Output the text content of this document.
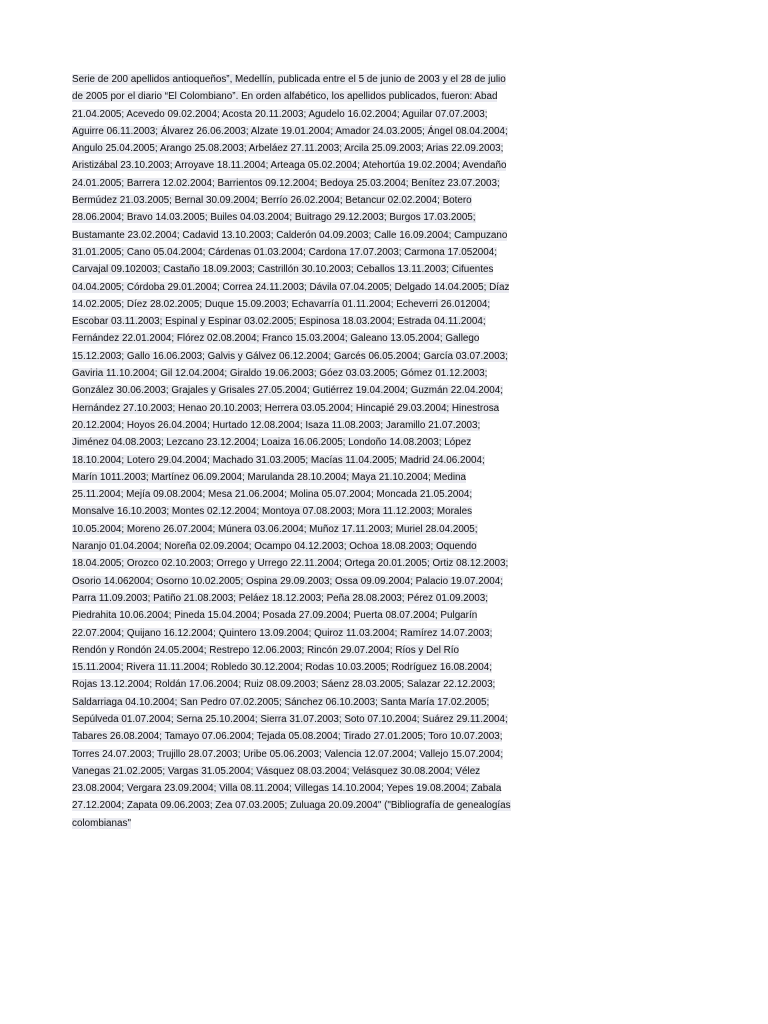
Serie de 200 apellidos antioqueños”, Medellín, publicada entre el 5 de junio de 2003 y el 28 de julio
de 2005 por el diario “El Colombiano”. En orden alfabético, los apellidos publicados, fueron: Abad
21.04.2005; Acevedo 09.02.2004; Acosta 20.11.2003; Agudelo 16.02.2004; Aguilar 07.07.2003;
Aguirre 06.11.2003; Álvarez 26.06.2003; Alzate 19.01.2004; Amador 24.03.2005; Ángel 08.04.2004;
Angulo 25.04.2005; Arango 25.08.2003; Arbeláez 27.11.2003; Arcila 25.09.2003; Arias 22.09.2003;
Aristizábal 23.10.2003; Arroyave 18.11.2004; Arteaga 05.02.2004; Atehortúa 19.02.2004; Avendaño
24.01.2005; Barrera 12.02.2004; Barrientos 09.12.2004; Bedoya 25.03.2004; Benítez 23.07.2003;
Bermúdez 21.03.2005; Bernal 30.09.2004; Berrío 26.02.2004; Betancur 02.02.2004; Botero
28.06.2004; Bravo 14.03.2005; Builes 04.03.2004; Buitrago 29.12.2003; Burgos 17.03.2005;
Bustamante 23.02.2004; Cadavid 13.10.2003; Calderón 04.09.2003; Calle 16.09.2004; Campuzano
31.01.2005; Cano 05.04.2004; Cárdenas 01.03.2004; Cardona 17.07.2003; Carmona 17.052004;
Carvajal 09.102003; Castaño 18.09.2003; Castrillón 30.10.2003; Ceballos 13.11.2003; Cifuentes
04.04.2005; Córdoba 29.01.2004; Correa 24.11.2003; Dávila 07.04.2005; Delgado 14.04.2005; Díaz
14.02.2005; Díez 28.02.2005; Duque 15.09.2003; Echavarría 01.11.2004; Echeverri 26.012004;
Escobar 03.11.2003; Espinal y Espinar 03.02.2005; Espinosa 18.03.2004; Estrada 04.11.2004;
Fernández 22.01.2004; Flórez 02.08.2004; Franco 15.03.2004; Galeano 13.05.2004; Gallego
15.12.2003; Gallo 16.06.2003; Galvis y Gálvez 06.12.2004; Garcés 06.05.2004; García 03.07.2003;
Gaviria 11.10.2004; Gil 12.04.2004; Giraldo 19.06.2003; Góez 03.03.2005; Gómez 01.12.2003;
González 30.06.2003; Grajales y Grisales 27.05.2004; Gutiérrez 19.04.2004; Guzmán 22.04.2004;
Hernández 27.10.2003; Henao 20.10.2003; Herrera 03.05.2004; Hincapié 29.03.2004; Hinestrosa
20.12.2004; Hoyos 26.04.2004; Hurtado 12.08.2004; Isaza 11.08.2003; Jaramillo 21.07.2003;
Jiménez 04.08.2003; Lezcano 23.12.2004; Loaiza 16.06.2005; Londoño 14.08.2003; López
18.10.2004; Lotero 29.04.2004; Machado 31.03.2005; Macías 11.04.2005; Madrid 24.06.2004;
Marín 1011.2003; Martínez 06.09.2004; Marulanda 28.10.2004; Maya 21.10.2004; Medina
25.11.2004; Mejía 09.08.2004; Mesa 21.06.2004; Molina 05.07.2004; Moncada 21.05.2004;
Monsalve 16.10.2003; Montes 02.12.2004; Montoya 07.08.2003; Mora 11.12.2003; Morales
10.05.2004; Moreno 26.07.2004; Múnera 03.06.2004; Muñoz 17.11.2003; Muriel 28.04.2005;
Naranjo 01.04.2004; Noreña 02.09.2004; Ocampo 04.12.2003; Ochoa 18.08.2003; Oquendo
18.04.2005; Orozco 02.10.2003; Orrego y Urrego 22.11.2004; Ortega 20.01.2005; Ortiz 08.12.2003;
Osorio 14.062004; Osorno 10.02.2005; Ospina 29.09.2003; Ossa 09.09.2004; Palacio 19.07.2004;
Parra 11.09.2003; Patiño 21.08.2003; Peláez 18.12.2003; Peña 28.08.2003; Pérez 01.09.2003;
Piedrahita 10.06.2004; Pineda 15.04.2004; Posada 27.09.2004; Puerta 08.07.2004; Pulgarín
22.07.2004; Quijano 16.12.2004; Quintero 13.09.2004; Quiroz 11.03.2004; Ramírez 14.07.2003;
Rendón y Rondón 24.05.2004; Restrepo 12.06.2003; Rincón 29.07.2004; Ríos y Del Río
15.11.2004; Rivera 11.11.2004; Robledo 30.12.2004; Rodas 10.03.2005; Rodríguez 16.08.2004;
Rojas 13.12.2004; Roldán 17.06.2004; Ruiz 08.09.2003; Sáenz 28.03.2005; Salazar 22.12.2003;
Saldarriaga 04.10.2004; San Pedro 07.02.2005; Sánchez 06.10.2003; Santa María 17.02.2005;
Sepúlveda 01.07.2004; Serna 25.10.2004; Sierra 31.07.2003; Soto 07.10.2004; Suárez 29.11.2004;
Tabares 26.08.2004; Tamayo 07.06.2004; Tejada 05.08.2004; Tirado 27.01.2005; Toro 10.07.2003;
Torres 24.07.2003; Trujillo 28.07.2003; Uribe 05.06.2003; Valencia 12.07.2004; Vallejo 15.07.2004;
Vanegas 21.02.2005; Vargas 31.05.2004; Vásquez 08.03.2004; Velásquez 30.08.2004; Vélez
23.08.2004; Vergara 23.09.2004; Villa 08.11.2004; Villegas 14.10.2004; Yepes 19.08.2004; Zabala
27.12.2004; Zapata 09.06.2003; Zea 07.03.2005; Zuluaga 20.09.2004" ("Bibliografía de genealogías
colombianas"
